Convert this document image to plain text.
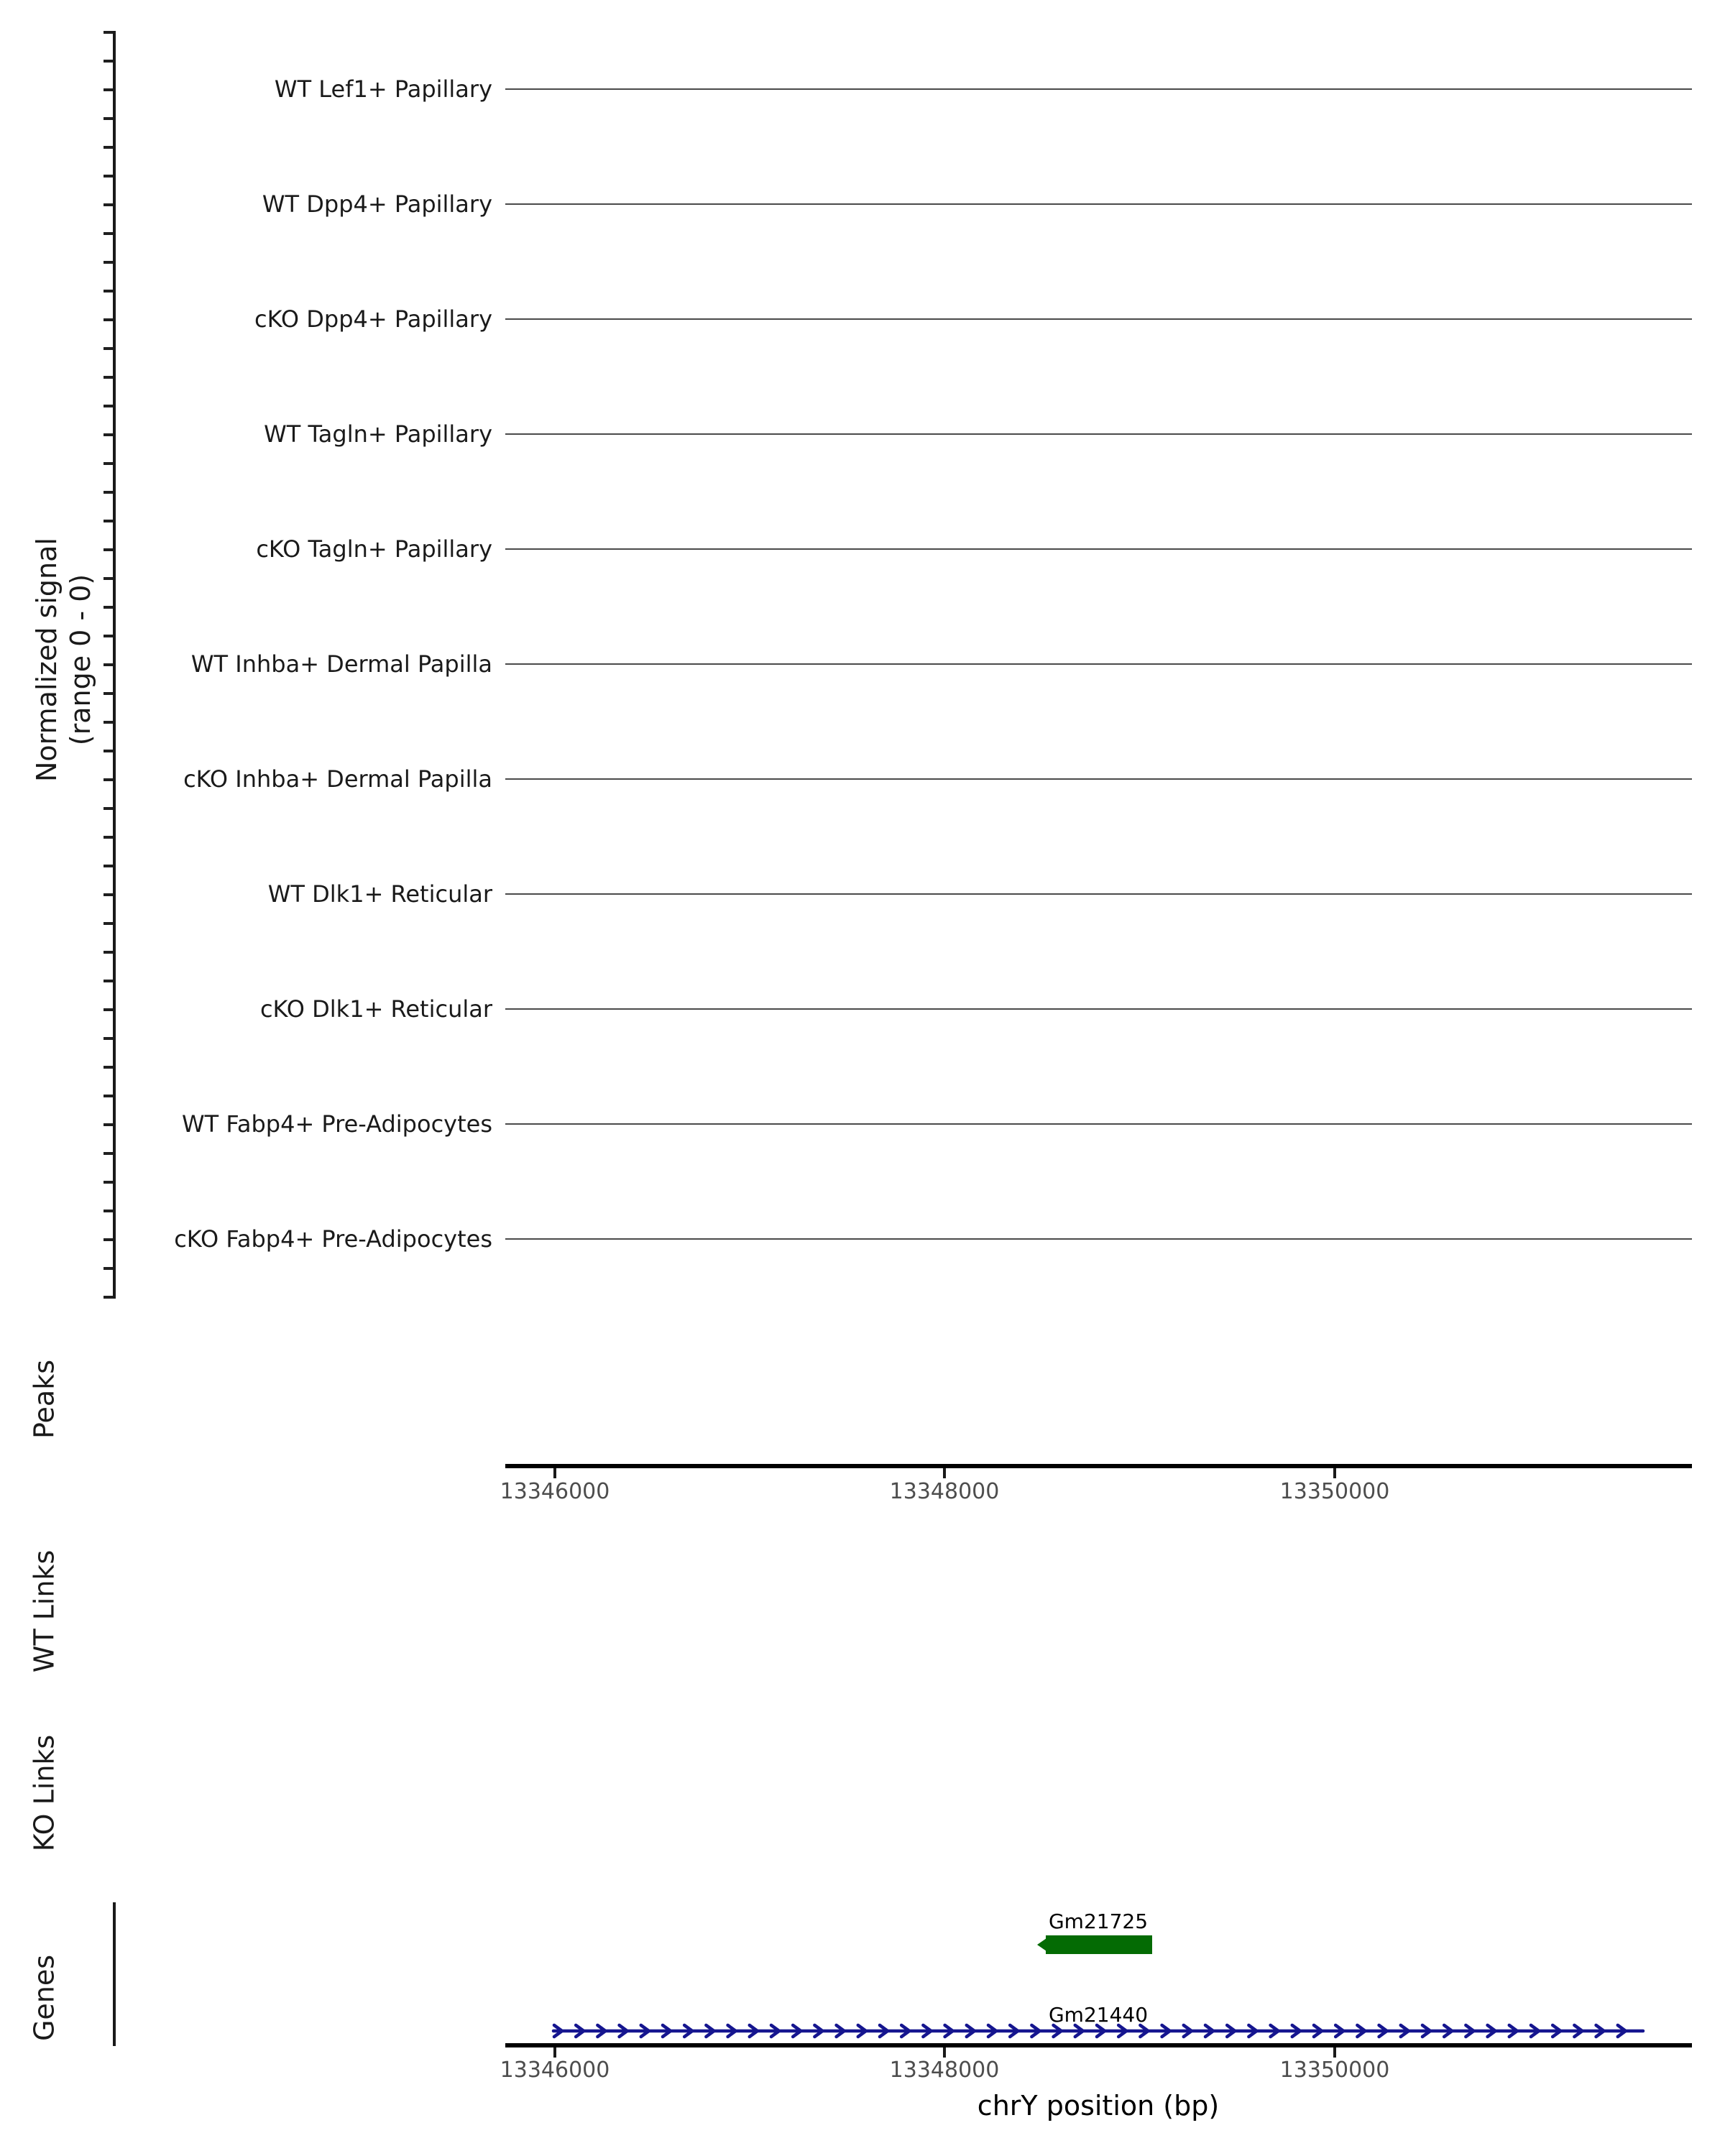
Normalized signal (range 0 - 0)
WT Lef1+ Papillary
WT Dpp4+ Papillary
cKO Dpp4+ Papillary
WT Tagln+ Papillary
cKO Tagln+ Papillary
WT Inhba+ Dermal Papilla
cKO Inhba+ Dermal Papilla
WT Dlk1+ Reticular
cKO Dlk1+ Reticular
WT Fabp4+ Pre-Adipocytes
cKO Fabp4+ Pre-Adipocytes
Peaks
WT Links
KO Links
Genes
13346000	13348000	13350000
Gm21725
Gm21440
13346000	13348000	13350000
chrY position (bp)
